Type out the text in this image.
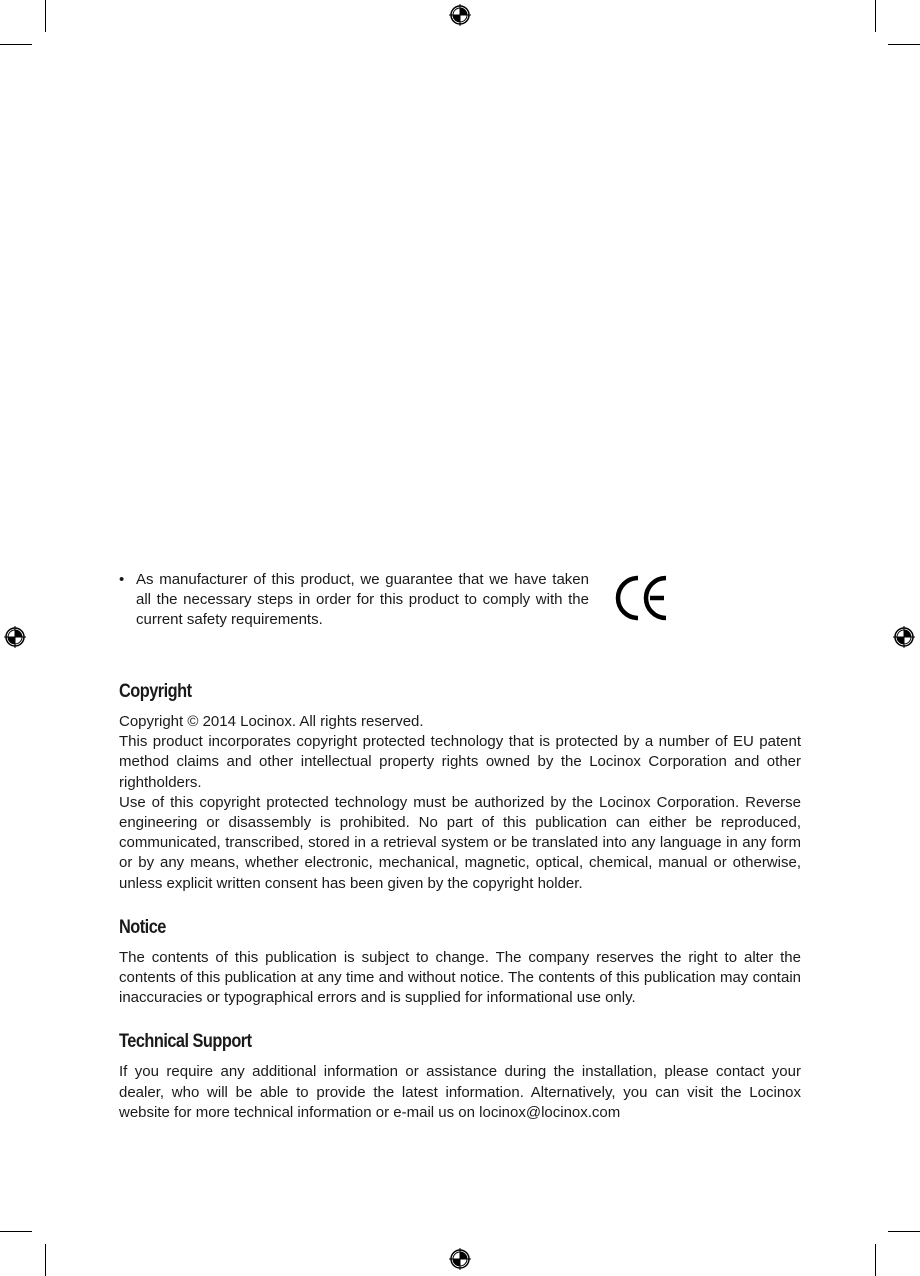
• As manufacturer of this product, we guarantee that we have taken all the necessary steps in order for this product to comply with the current safety requirements.
Copyright

Copyright © 2014 Locinox. All rights reserved.

This product incorporates copyright protected technology that is protected by a number of EU patent method claims and other intellectual property rights owned by the Locinox Corporation and other rightholders.

Use of this copyright protected technology must be authorized by the Locinox Corporation. Reverse engineering or disassembly is prohibited. No part of this publication can either be reproduced, communicated, transcribed, stored in a retrieval system or be translated into any language in any form or by any means, whether electronic, mechanical, magnetic, optical, chemical, manual or otherwise, unless explicit written consent has been given by the copyright holder.

Notice

The contents of this publication is subject to change. The company reserves the right to alter the contents of this publication at any time and without notice. The contents of this publication may contain inaccuracies or typographical errors and is supplied for informational use only.

Technical Support

If you require any additional information or assistance during the installation, please contact your dealer, who will be able to provide the latest information. Alternatively, you can visit the Locinox website for more technical information or e-mail us on locinox@locinox.com
